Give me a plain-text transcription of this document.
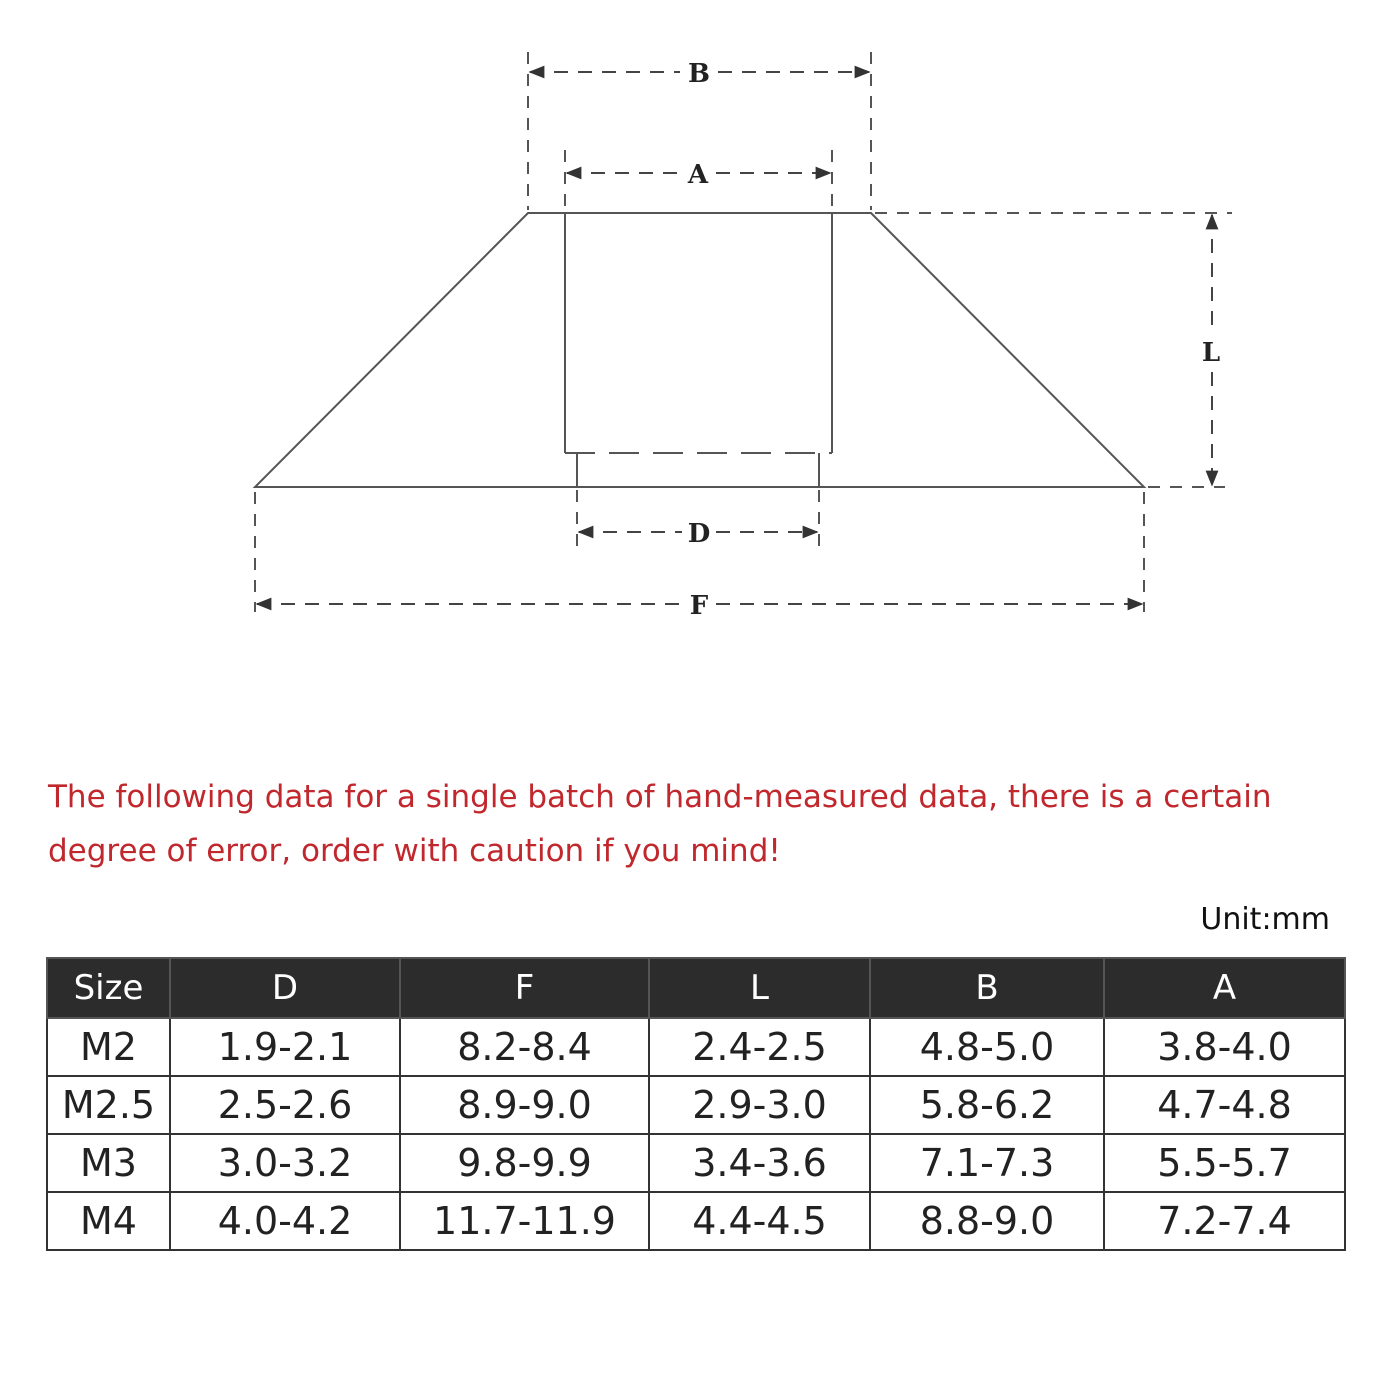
B
A
L
D
F
The following data for a single batch of hand-measured data, there is a certain degree of error, order with caution if you mind!
Unit:mm
Size	D	F	L	B	A
M2	1.9-2.1	8.2-8.4	2.4-2.5	4.8-5.0	3.8-4.0
M2.5	2.5-2.6	8.9-9.0	2.9-3.0	5.8-6.2	4.7-4.8
M3	3.0-3.2	9.8-9.9	3.4-3.6	7.1-7.3	5.5-5.7
M4	4.0-4.2	11.7-11.9	4.4-4.5	8.8-9.0	7.2-7.4
